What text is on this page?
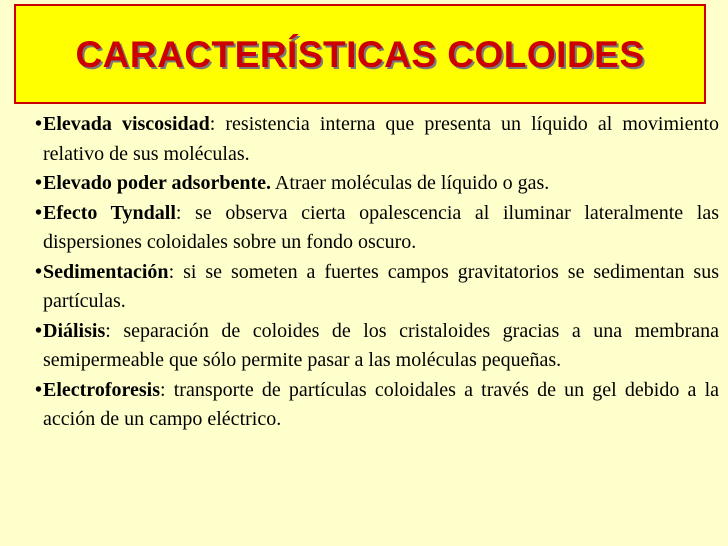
CARACTERÍSTICAS COLOIDES

• Elevada viscosidad: resistencia interna que presenta un líquido al movimiento relativo de sus moléculas.

• Elevado poder adsorbente. Atraer moléculas de líquido o gas.

• Efecto Tyndall: se observa cierta opalescencia al iluminar lateralmente las dispersiones coloidales sobre un fondo oscuro.

• Sedimentación: si se someten a fuertes campos gravitatorios se sedimentan sus partículas.

• Diálisis: separación de coloides de los cristaloides gracias a una membrana semipermeable que sólo permite pasar a las moléculas pequeñas.

• Electroforesis: transporte de partículas coloidales a través de un gel debido a la acción de un campo eléctrico.
